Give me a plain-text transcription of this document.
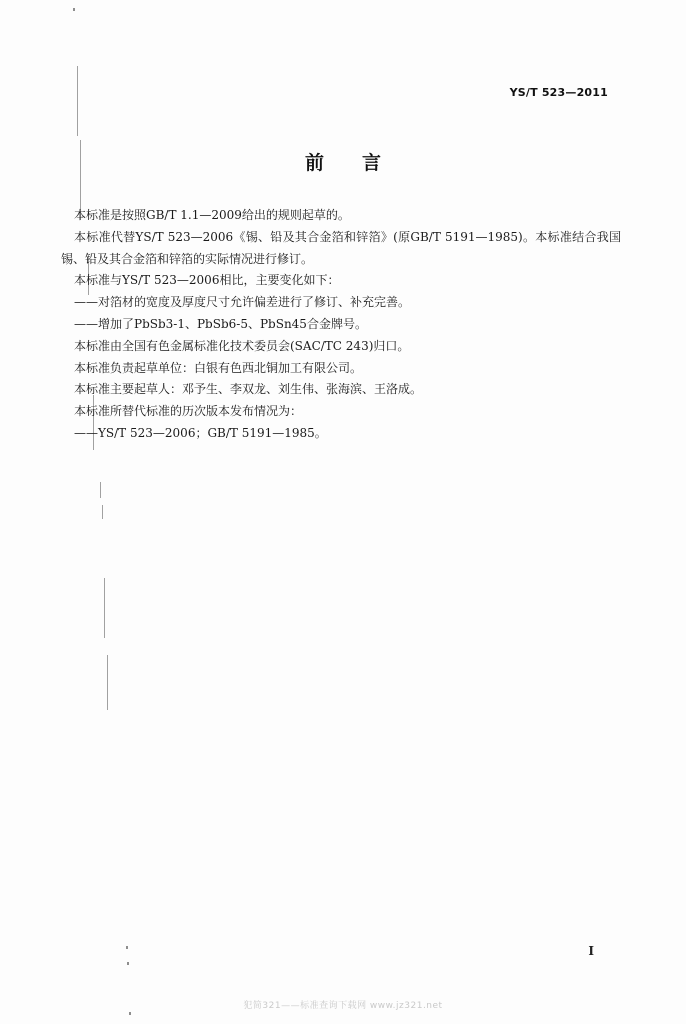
YS/T 523—2011
前言

本标准是按照GB/T 1.1—2009给出的规则起草的。

本标准代替YS/T 523—2006《锡、铅及其合金箔和锌箔》(原GB/T 5191—1985)。本标准结合我国锡、铅及其合金箔和锌箔的实际情况进行修订。

本标准与YS/T 523—2006相比，主要变化如下：

——对箔材的宽度及厚度尺寸允许偏差进行了修订、补充完善。

——增加了PbSb3-1、PbSb6-5、PbSn45合金牌号。

本标准由全国有色金属标准化技术委员会(SAC/TC 243)归口。

本标准负责起草单位：白银有色西北铜加工有限公司。

本标准主要起草人：邓予生、李双龙、刘生伟、张海滨、王洛成。

本标准所替代标准的历次版本发布情况为：

——YS/T 523—2006；GB/T 5191—1985。

I
犯简321——标准查询下载网 www.jz321.net
